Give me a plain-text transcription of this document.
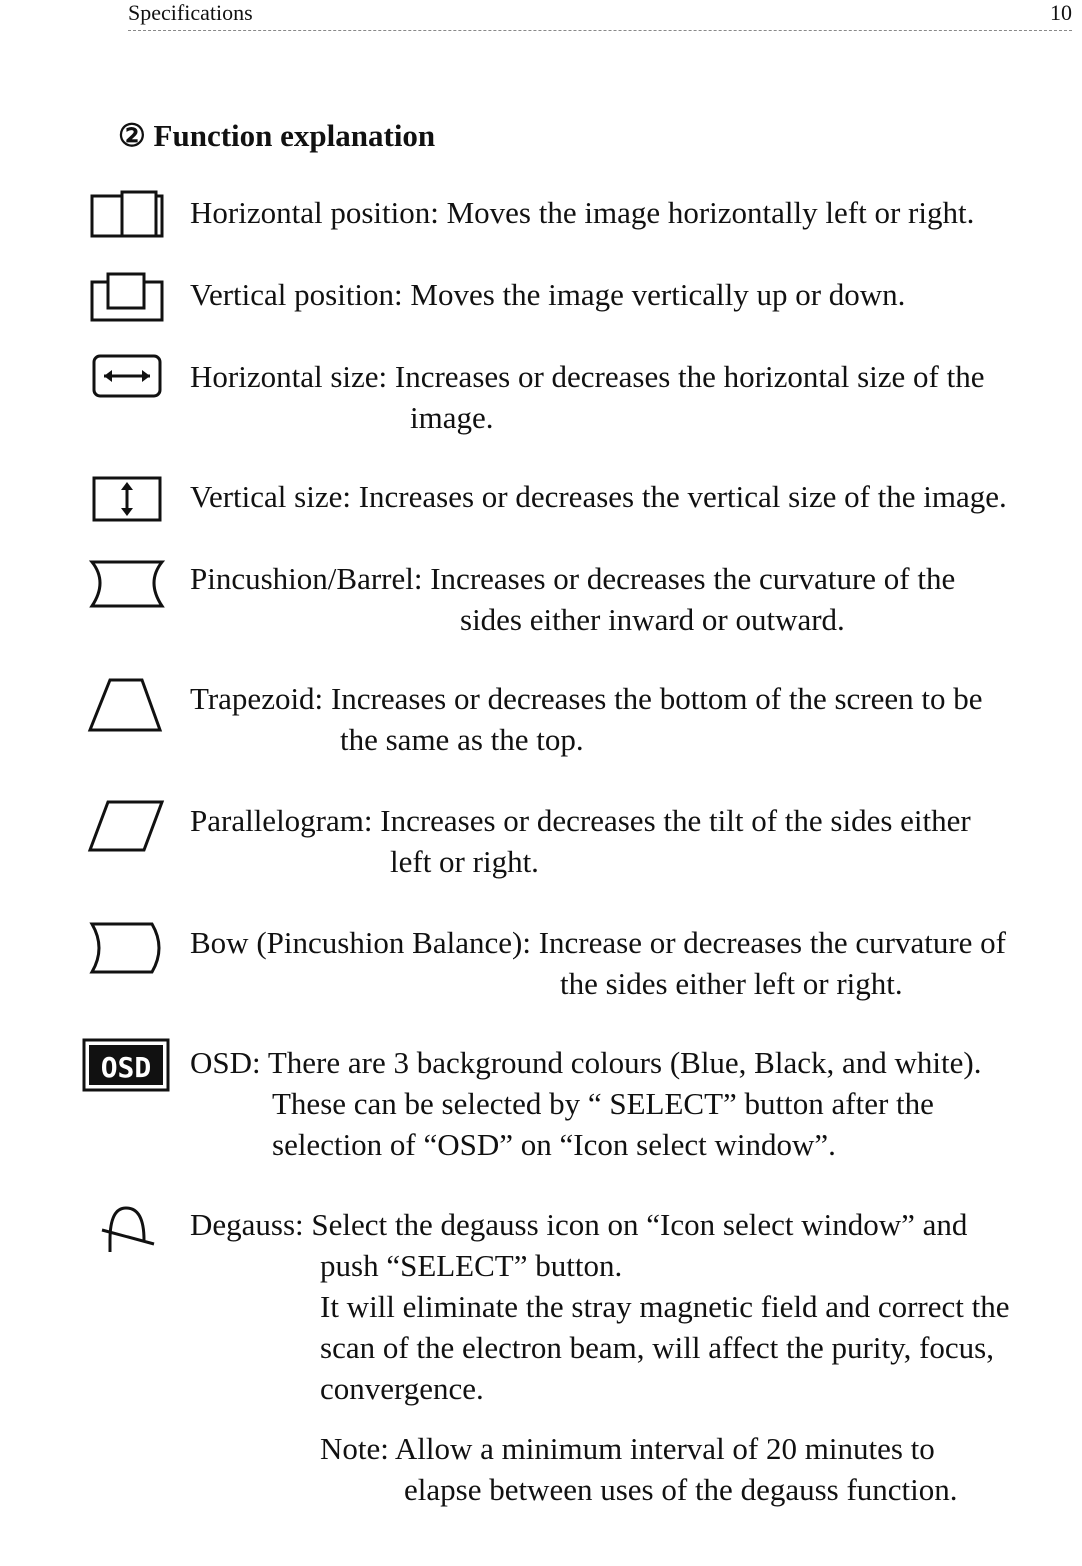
Specifications	10
② Function explanation
Horizontal position: Moves the image horizontally left or right.
Vertical position: Moves the image vertically up or down.
Horizontal size: Increases or decreases the horizontal size of the
image.
Vertical size: Increases or decreases the vertical size of the image.
Pincushion/Barrel: Increases or decreases the curvature of the
sides either inward or outward.
Trapezoid: Increases or decreases the bottom of the screen to be
the same as the top.
Parallelogram: Increases or decreases the tilt of the sides either
left or right.
Bow (Pincushion Balance): Increase or decreases the curvature of
the sides either left or right.
OSD OSD: There are 3 background colours (Blue, Black, and white).
These can be selected by “ SELECT” button after the
selection of “OSD” on “Icon select window”.
Degauss: Select the degauss icon on “Icon select window” and
push “SELECT” button.
It will eliminate the stray magnetic field and correct the
scan of the electron beam, will affect the purity, focus,
convergence.
Note: Allow a minimum interval of 20 minutes to
elapse between uses of the degauss function.
